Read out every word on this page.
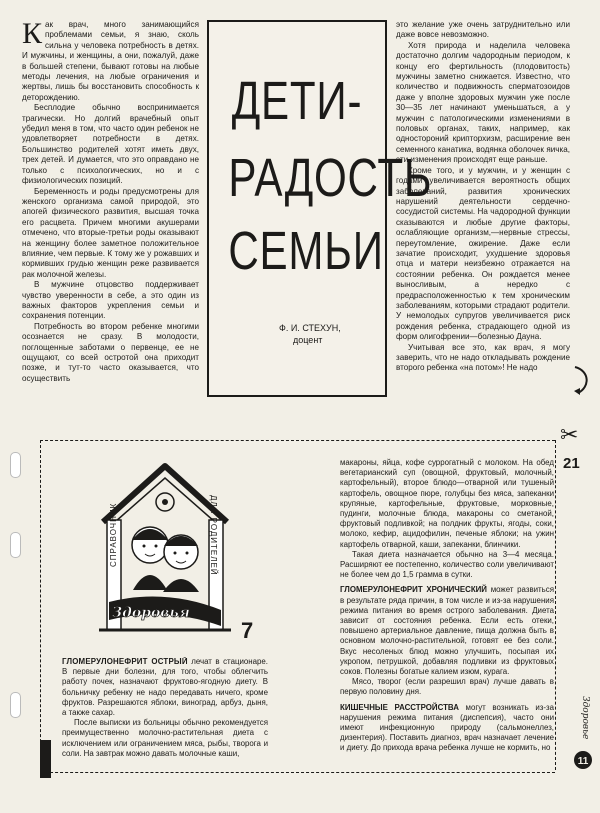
Как врач, много занимающийся проблемами семьи, я знаю, сколь сильна у человека потребность в детях. И мужчины, и женщины, а они, пожалуй, даже в большей степени, бывают готовы на любые методы лечения, на любые ограничения и жертвы, лишь бы восстановить способность к деторождению.

Бесплодие обычно воспринимается трагически. Но долгий врачебный опыт убедил меня в том, что часто один ребенок не удовлетворяет потребности в детях. Большинство родителей хотят иметь двух, трех детей. И думается, что это оправдано не только с психологических, но и с физиологических позиций.

Беременность и роды предусмотрены для женского организма самой природой, это апогей физического развития, высшая точка его расцвета. Причем многими акушерами отмечено, что вторые-третьи роды оказывают на женщину более заметное положительное влияние, чем первые. К тому же у рожавших и кормивших грудью женщин реже развивается рак молочной железы.

В мужчине отцовство поддерживает чувство уверенности в себе, а это один из важных факторов укрепления семьи и сохранения потенции.

Потребность во втором ребенке многими осознается не сразу. В молодости, поглощенные заботами о первенце, ее не ощущают, со всей остротой она приходит позже, и тут-то часто оказывается, что осуществить

ДЕТИ-
РАДОСТЬ
СЕМЬИ
Ф. И. СТЕХУН,
доцент

это желание уже очень затруднительно или даже вовсе невозможно.

Хотя природа и наделила человека достаточно долгим чадородным периодом, к концу его фертильность (плодовитость) мужчины заметно снижается. Известно, что количество и подвижность сперматозоидов даже у вполне здоровых мужчин уже после 30—35 лет начинают уменьшаться, а у мужчин с патологическими изменениями в половых органах, таких, например, как одностороний крипторхизм, расширение вен семенного канатика, водянка оболочек яичка, эти изменения происходят еще раньше.

Кроме того, и у мужчин, и у женщин с годами увеличивается вероятность общих заболеваний, развития хронических нарушений деятельности сердечно-сосудистой системы. На чадородной функции сказываются и любые другие факторы, ослабляющие организм,—нервные стрессы, переутомление, ожирение. Даже если зачатие происходит, ухудшение здоровья отца и матери неизбежно отражается на состоянии ребенка. Он рождается менее выносливым, а нередко с предрасположенностью к тем хроническим заболеваниям, которыми страдают родители. У немолодых супругов увеличивается риск рождения ребенка, страдающего одной из форм олигофрении—болезнью Дауна.

Учитывая все это, как врач, я могу заверить, что не надо откладывать рождение второго ребенка «на потом»! Не надо

✂
21
СПРАВОЧНИК	ДЛЯ РОДИТЕЛЕЙ
Здоровья
7

ГЛОМЕРУЛОНЕФРИТ ОСТРЫЙ лечат в стационаре. В первые дни болезни, для того, чтобы облегчить работу почек, назначают фруктово-ягодную диету. В больничку ребенку не надо передавать ничего, кроме фруктов. Разрешаются яблоки, виноград, арбуз, дыня, а также сахар.

После выписки из больницы обычно рекомендуется преимущественно молочно-растительная диета с исключением или ограничением мяса, рыбы, творога и соли. На завтрак можно давать молочные каши,

макароны, яйца, кофе суррогатный с молоком. На обед вегетарианский суп (овощной, фруктовый, молочный, картофельный), второе блюдо—отварной или тушеный картофель, овощное пюре, голубцы без мяса, запеканки крупяные, картофельные, фруктовые, морковные, пудинги, молочные блюда, макароны со сметаной, фруктовый подливкой; на полдник фрукты, ягоды, соки, молоко, кефир, ацидофилин, печеные яблоки; на ужин картофель отварной, каши, запеканки, блинчики.

Такая диета назначается обычно на 3—4 месяца. Расширяют ее постепенно, количество соли увеличивают не более чем до 1,5 грамма в сутки.

ГЛОМЕРУЛОНЕФРИТ ХРОНИЧЕСКИЙ может развиться в результате ряда причин, в том числе и из-за нарушения режима питания во время острого заболевания. Диета зависит от состояния ребенка. Если есть отеки, повышено артериальное давление, пища должна быть в основном молочно-растительной, готовят ее без соли. Вкус несоленых блюд можно улучшить, посыпая их укропом, петрушкой, добавляя подливки из фруктовых соков. Полезны богатые калием изюм, курага.

Мясо, творог (если разрешил врач) лучше давать в первую половину дня.

КИШЕЧНЫЕ РАССТРОЙСТВА могут возникать из-за нарушения режима питания (диспепсия), часто они имеют инфекционную природу (сальмонеллез, дизентерия). Поставить диагноз, врач назначает лечение и диету. До прихода врача ребенка лучше не кормить, но

Здоровье
11
